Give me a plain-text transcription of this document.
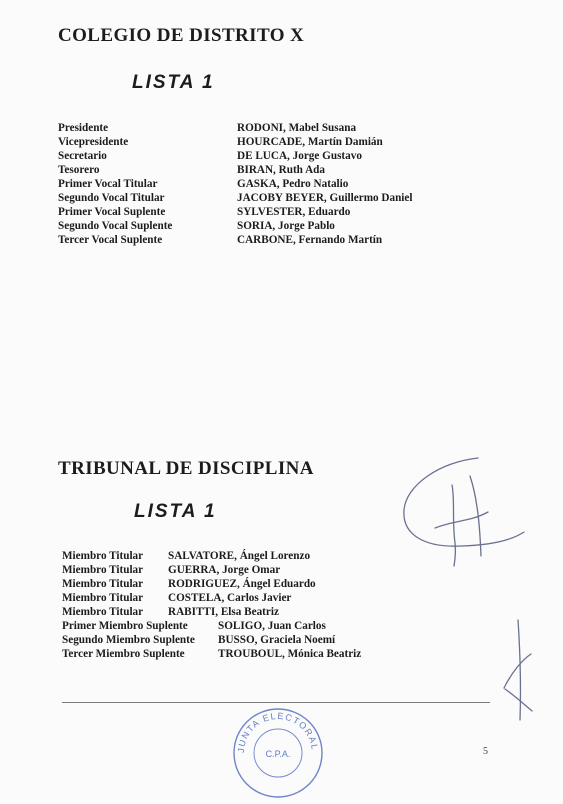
COLEGIO DE DISTRITO X
LISTA 1
Presidente	RODONI, Mabel Susana
Vicepresidente	HOURCADE, Martín Damián
Secretario	DE LUCA, Jorge Gustavo
Tesorero	BIRAN, Ruth Ada
Primer Vocal Titular	GASKA, Pedro Natalio
Segundo Vocal Titular	JACOBY BEYER, Guillermo Daniel
Primer Vocal Suplente	SYLVESTER, Eduardo
Segundo Vocal Suplente	SORIA, Jorge Pablo
Tercer Vocal Suplente	CARBONE, Fernando Martín
TRIBUNAL DE DISCIPLINA
LISTA 1
Miembro Titular SALVATORE, Ángel Lorenzo
Miembro Titular GUERRA, Jorge Omar
Miembro Titular RODRIGUEZ, Ángel Eduardo
Miembro Titular COSTELA, Carlos Javier
Miembro Titular RABITTI, Elsa Beatriz
Primer Miembro Suplente	SOLIGO, Juan Carlos
Segundo Miembro Suplente BUSSO, Graciela Noemí
Tercer Miembro Suplente	TROUBOUL, Mónica Beatriz
JUNTA ELECTORAL
C.P.A.	5
